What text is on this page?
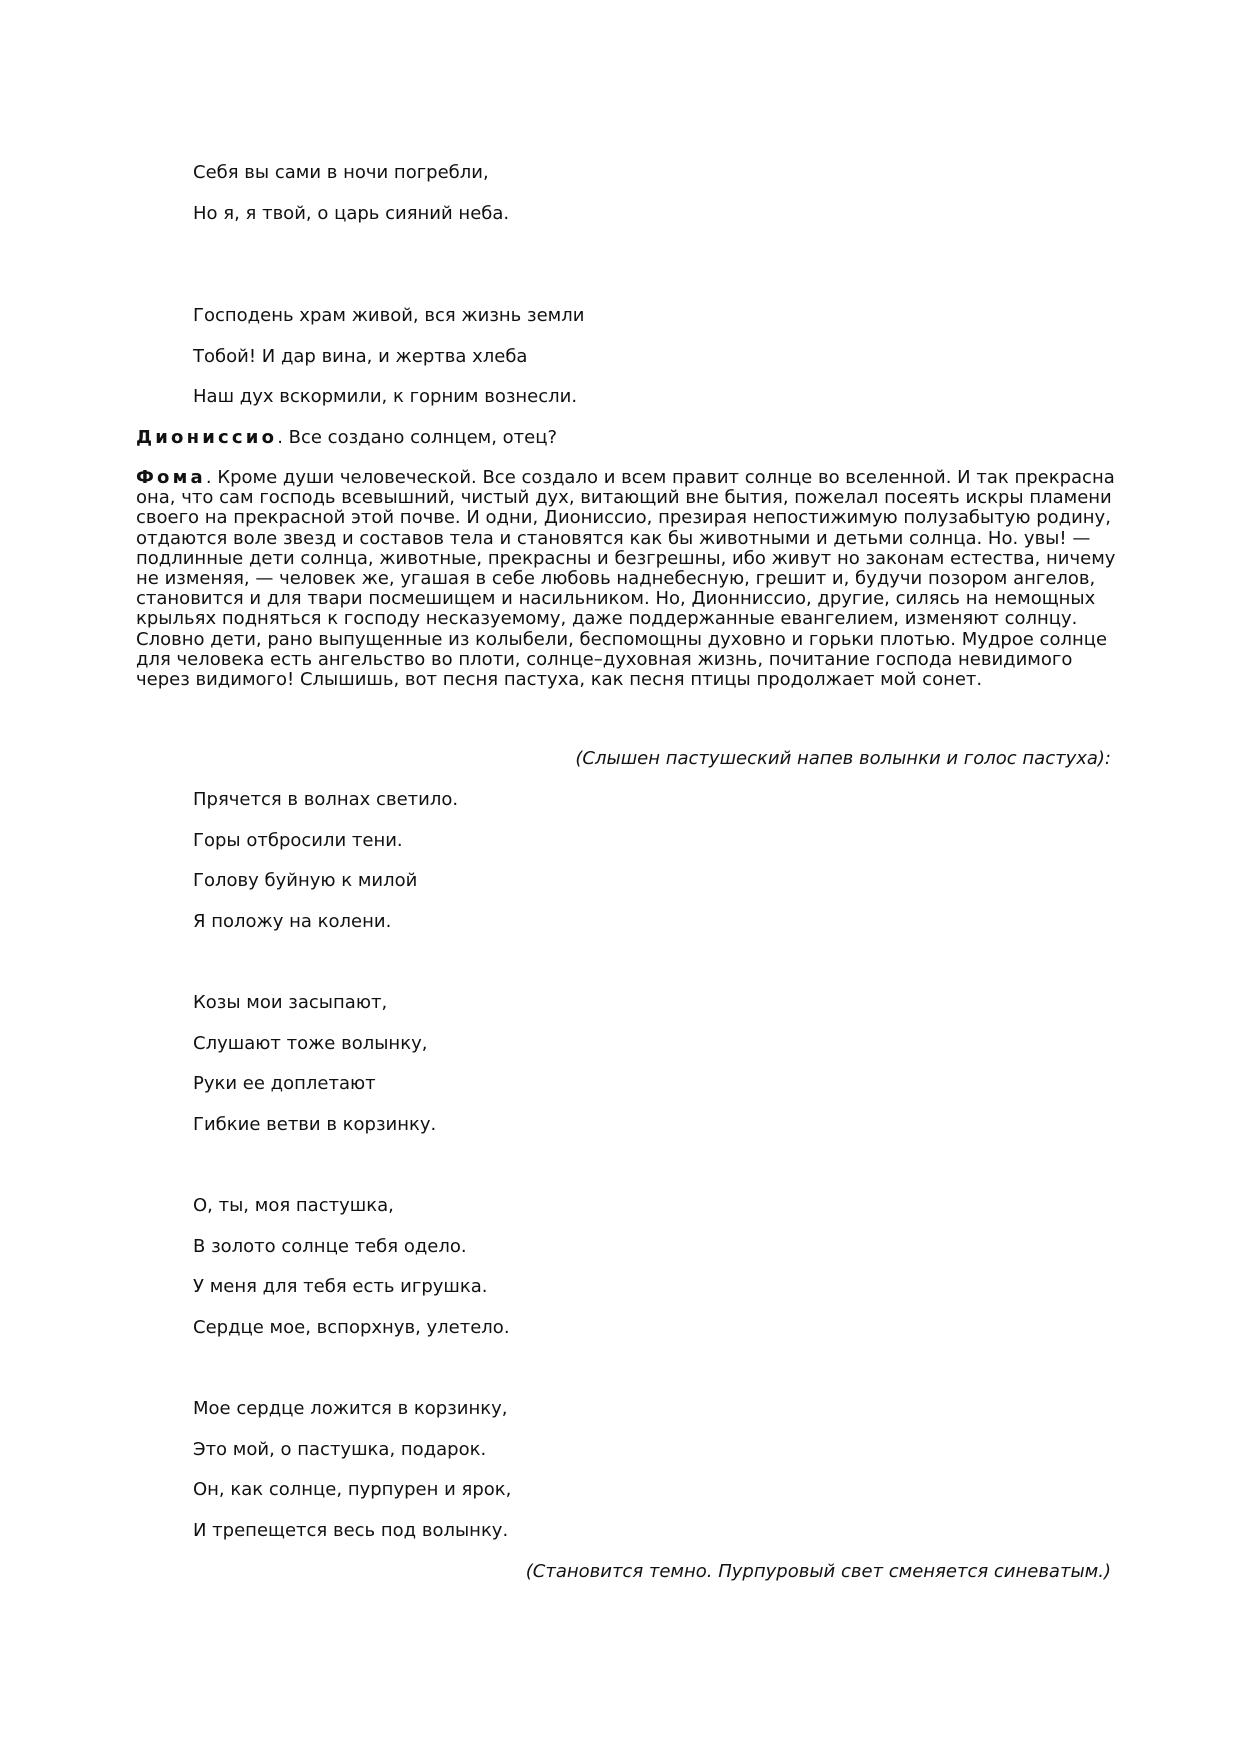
Себя вы сами в ночи погребли,
Но я, я твой, о царь сияний неба.
Господень храм живой, вся жизнь земли
Тобой! И дар вина, и жертва хлеба
Наш дух вскормили, к горним вознесли.
Диониссио. Все создано солнцем, отец?
Фома. Кроме души человеческой. Все создало и всем правит солнце во вселенной. И так прекрасна она, что сам господь всевышний, чистый дух, витающий вне бытия, пожелал посеять искры пламени своего на прекрасной этой почве. И одни, Диониссио, презирая непостижимую полузабытую родину, отдаются воле звезд и составов тела и становятся как бы животными и детьми солнца. Но. увы! — подлинные дети солнца, животные, прекрасны и безгрешны, ибо живут но законам естества, ничему не изменяя, — человек же, угашая в себе любовь наднебесную, грешит и, будучи позором ангелов, становится и для твари посмешищем и насильником. Но, Дионниссио, другие, силясь на немощных крыльях подняться к господу несказуемому, даже поддержанные евангелием, изменяют солнцу. Словно дети, рано выпущенные из колыбели, беспомощны духовно и горьки плотью. Мудрое солнце для человека есть ангельство во плоти, солнце–духовная жизнь, почитание господа невидимого через видимого! Слышишь, вот песня пастуха, как песня птицы продолжает мой сонет.
(Слышен пастушеский напев волынки и голос пастуха):
Прячется в волнах светило.
Горы отбросили тени.
Голову буйную к милой
Я положу на колени.
Козы мои засыпают,
Слушают тоже волынку,
Руки ее доплетают
Гибкие ветви в корзинку.
О, ты, моя пастушка,
В золото солнце тебя одело.
У меня для тебя есть игрушка.
Сердце мое, вспорхнув, улетело.
Мое сердце ложится в корзинку,
Это мой, о пастушка, подарок.
Он, как солнце, пурпурен и ярок,
И трепещется весь под волынку.
(Становится темно. Пурпуровый свет сменяется синеватым.)
